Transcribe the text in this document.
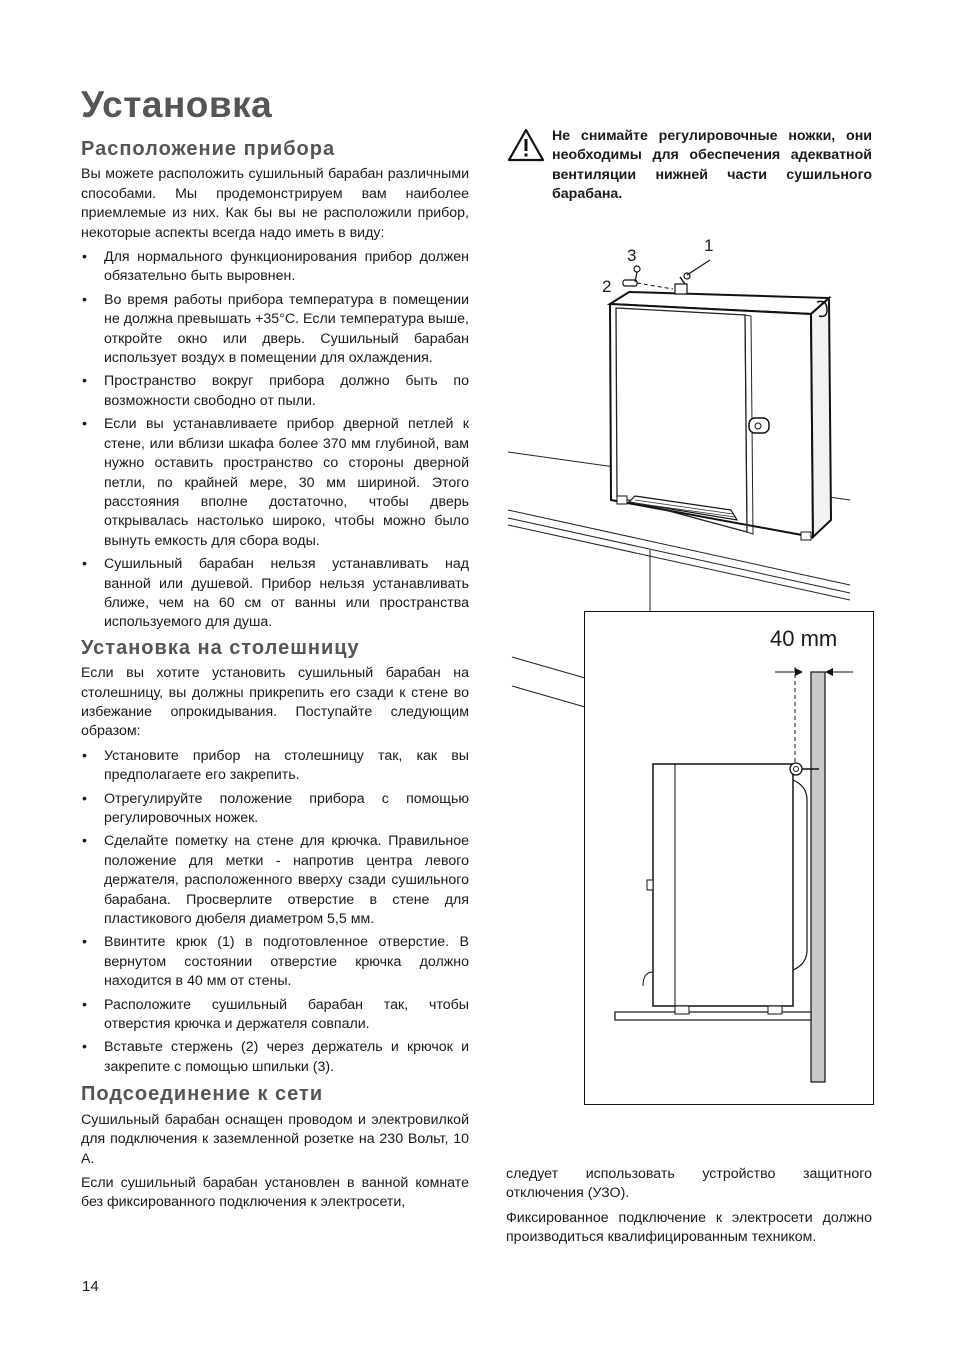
Установка
Расположение прибора

Вы можете расположить сушильный барабан различными способами. Мы продемонстрируем вам наиболее приемлемые из них. Как бы вы не расположили прибор, некоторые аспекты всегда надо иметь в виду:

• Для нормального функционирования прибор должен обязательно быть выровнен.
• Во время работы прибора температура в помещении не должна превышать +35°С. Если температура выше, откройте окно или дверь. Сушильный барабан использует воздух в помещении для охлаждения.
• Пространство вокруг прибора должно быть по возможности свободно от пыли.
• Если вы устанавливаете прибор дверной петлей к стене, или вблизи шкафа более 370 мм глубиной, вам нужно оставить пространство со стороны дверной петли, по крайней мере, 30 мм шириной. Этого расстояния вполне достаточно, чтобы дверь открывалась настолько широко, чтобы можно было вынуть емкость для сбора воды.
• Сушильный барабан нельзя устанавливать над ванной или душевой. Прибор нельзя устанавливать ближе, чем на 60 см от ванны или пространства используемого для душа.
Установка на столешницу

Если вы хотите установить сушильный барабан на столешницу, вы должны прикрепить его сзади к стене во избежание опрокидывания. Поступайте следующим образом:

• Установите прибор на столешницу так, как вы предполагаете его закрепить.
• Отрегулируйте положение прибора с помощью регулировочных ножек.
• Сделайте пометку на стене для крючка. Правильное положение для метки - напротив центра левого держателя, расположенного вверху сзади сушильного барабана. Просверлите отверстие в стене для пластикового дюбеля диаметром 5,5 мм.
• Ввинтите крюк (1) в подготовленное отверстие. В вернутом состоянии отверстие крючка должно находится в 40 мм от стены.
• Расположите сушильный барабан так, чтобы отверстия крючка и держателя совпали.
• Вставьте стержень (2) через держатель и крючок и закрепите с помощью шпильки (3).
Подсоединение к сети

Сушильный барабан оснащен проводом и электровилкой для подключения к заземленной розетке на 230 Вольт, 10 А.

Если сушильный барабан установлен в ванной комнате без фиксированного подключения к электросети,

14
Не снимайте регулировочные ножки, они необходимы для обеспечения адекватной вентиляции нижней части сушильного барабана.
1
2
3
40 mm

следует использовать устройство защитного отключения (УЗО).

Фиксированное подключение к электросети должно производиться квалифицированным техником.
